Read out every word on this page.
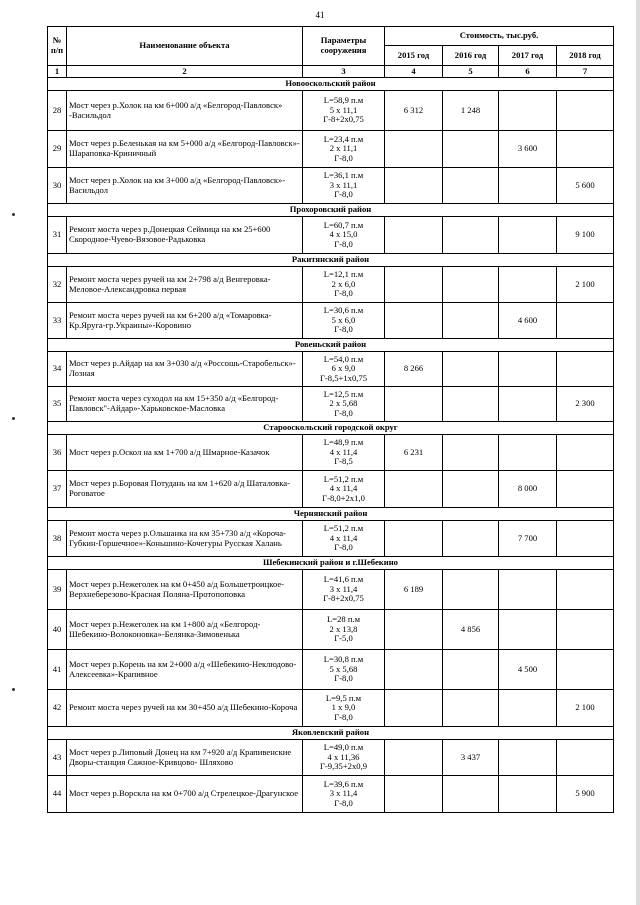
41
№ п/п	Наименование объекта	Параметры сооружения	Стоимость, тыс.руб.			
			2015 год	2016 год	2017 год	2018 год
1	2	3	4	5	6	7
Новооскольский район						
28	Мост через р.Холок на км 6+000 а/д «Белгород-Павловск» -Васильдол	L=58,9 п.м
5 х 11,1
Г-8+2х0,75	6 312	1 248		
29	Мост через р.Беленькая на км 5+000 а/д «Белгород-Павловск»-Шараповка-Криничный	L=23,4 п.м
2 х 11,1
Г-8,0			3 600	
30	Мост через р.Холок на км 3+000 а/д «Белгород-Павловск»-Васильдол	L=36,1 п.м
3 х 11,1
Г-8,0				5 600
Прохоровский район						
31	Ремонт моста через р.Донецкая Сеймица на км 25+600 Скородное-Чуево-Вязовое-Радьковка	L=60,7 п.м
4 х 15,0
Г-8,0				9 100
Ракитянский район						
32	Ремонт моста через ручей на км 2+798 а/д Венгеровка-Меловое-Александровка первая	L=12,1 п.м
2 х 6,0
Г-8,0				2 100
33	Ремонт моста через ручей на км 6+200 а/д «Томаровка-Кр.Яруга-гр.Украины»-Коровино	L=30,6 п.м
5 х 6,0
Г-8,0			4 600	
Ровеньский район						
34	Мост через р.Айдар на км 3+030 а/д «Россошь-Старобельск»-Лозная	L=54,0 п.м
6 х 9,0
Г-8,5+1х0,75	8 266			
35	Ремонт моста через суходол на км 15+350 а/д «Белгород-Павловск"-Айдар»-Харьковское-Масловка	L=12,5 п.м
2 х 5,68
Г-8,0				2 300
Старооскольский городской округ						
36	Мост через р.Оскол на км 1+700 а/д Шмарное-Казачок	L=48,9 п.м
4 х 11,4
Г-8,5	6 231			
37	Мост через р.Боровая Потудань на км 1+620 а/д Шаталовка-Роговатое	L=51,2 п.м
4 х 11,4
Г-8,0+2х1,0			8 000	
Чернянский район						
38	Ремонт моста через р.Ольшанка на км 35+730 а/д «Короча-Губкин-Горшечное»-Коньшино-Кочегуры Русская Халань	L=51,2 п.м
4 х 11,4
Г-8,0			7 700	
Шебекинский район и г.Шебекино						
39	Мост через р.Нежеголек на км 0+450 а/д Большетроицкое-Верхнеберезово-Красная Поляна-Протопоповка	L=41,6 п.м
3 х 11,4
Г-8+2х0,75	6 189			
40	Мост через р.Нежеголек на км 1+800 а/д «Белгород-Шебекино-Волоконовка»-Белянка-Зимовенька	L=28 п.м
2 х 13,8
Г-5,0		4 856		
41	Мост через р.Корень на км 2+000 а/д «Шебекино-Неклюдово-Алексеевка»-Крапивное	L=30,8 п.м
5 х 5,68
Г-8,0			4 500	
42	Ремонт моста через ручей на км 30+450 а/д Шебекино-Короча	L=9,5 п.м
1 х 9,0
Г-8,0				2 100
Яковлевский район						
43	Мост через р.Липовый Донец на км 7+920 а/д Крапивенские Дворы-станция Сажное-Кривцово- Шляхово	L=49,0 п.м
4 х 11,36
Г-9,35+2х0,9		3 437		
44	Мост через р.Ворскла на км 0+700 а/д Стрелецкое-Драгунское	L=39,6 п.м
3 х 11,4
Г-8,0				5 900
